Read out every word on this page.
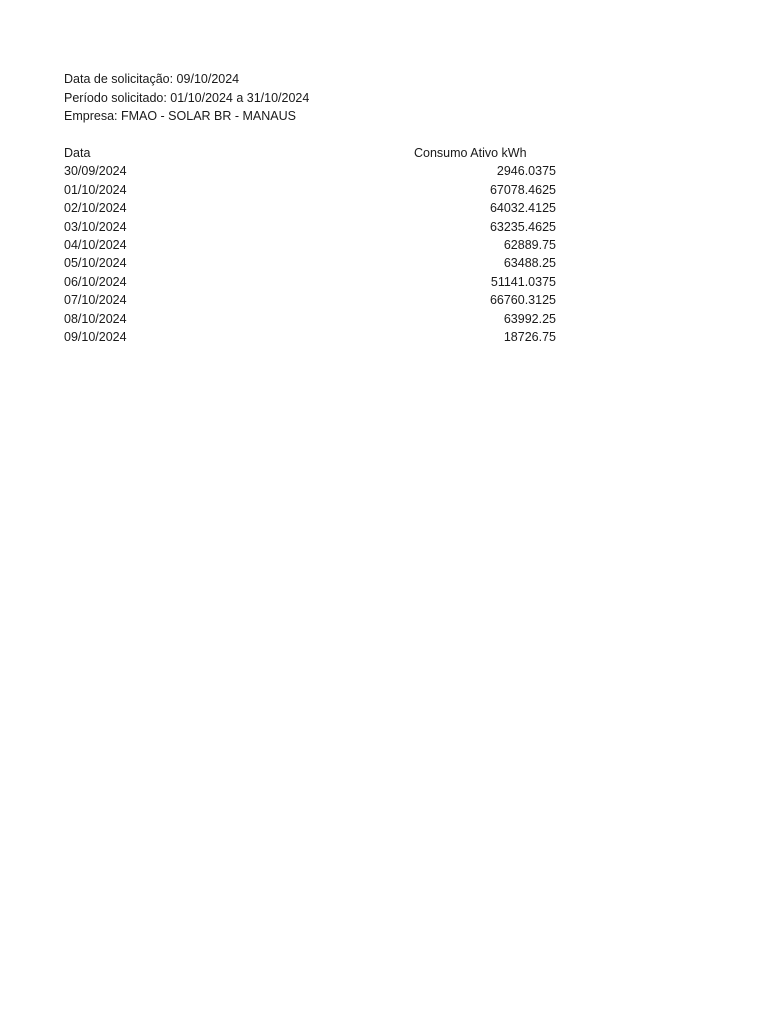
Data de solicitação: 09/10/2024
Período solicitado: 01/10/2024 a 31/10/2024
Empresa: FMAO - SOLAR BR - MANAUS
Data	Consumo Ativo kWh
30/09/2024	2946.0375
01/10/2024	67078.4625
02/10/2024	64032.4125
03/10/2024	63235.4625
04/10/2024	62889.75
05/10/2024	63488.25
06/10/2024	51141.0375
07/10/2024	66760.3125
08/10/2024	63992.25
09/10/2024	18726.75
